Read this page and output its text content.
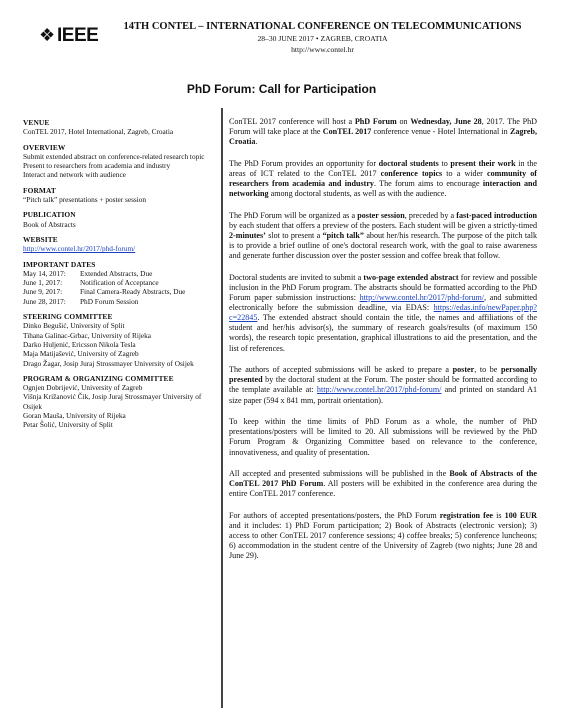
❖ IEEE	14TH CONTEL – INTERNATIONAL CONFERENCE ON TELECOMMUNICATIONS
28–30 JUNE 2017 • ZAGREB, CROATIA
http://www.contel.hr
PhD Forum: Call for Participation
VENUE
ConTEL 2017, Hotel International, Zagreb, Croatia
OVERVIEW
Submit extended abstract on conference-related research topic
Present to researchers from academia and industry
Interact and network with audience
FORMAT
“Pitch talk” presentations + poster session
PUBLICATION
Book of Abstracts
WEBSITE
http://www.contel.hr/2017/phd-forum/
IMPORTANT DATES
May 14, 2017:	Extended Abstracts, Due
June 1, 2017:	Notification of Acceptance
June 9, 2017:	Final Camera-Ready Abstracts, Due
June 28, 2017:	PhD Forum Session
STEERING COMMITTEE
Dinko Begušić, University of Split
Tihana Galinac-Grbac, University of Rijeka
Darko Huljenić, Ericsson Nikola Tesla
Maja Matijašević, University of Zagreb
Drago Žagar, Josip Juraj Strossmayer University of Osijek
PROGRAM & ORGANIZING COMMITTEE
Ognjen Dobrijević, University of Zagreb
Višnja Križanović Čik, Josip Juraj Strossmayer University of Osijek
Goran Mauša, University of Rijeka
Petar Šolić, University of Split

ConTEL 2017 conference will host a PhD Forum on Wednesday, June 28, 2017. The PhD Forum will take place at the ConTEL 2017 conference venue - Hotel International in Zagreb, Croatia.

The PhD Forum provides an opportunity for doctoral students to present their work in the areas of ICT related to the ConTEL 2017 conference topics to a wider community of researchers from academia and industry. The forum aims to encourage interaction and networking among doctoral students, as well as with the audience.

The PhD Forum will be organized as a poster session, preceded by a fast-paced introduction by each student that offers a preview of the posters. Each student will be given a strictly-timed 2-minutes’ slot to present a “pitch talk” about her/his research. The purpose of the pitch talk is to provide a brief outline of one's doctoral research work, with the goal to raise awareness and generate further discussion over the poster session and coffee break that follow.

Doctoral students are invited to submit a two-page extended abstract for review and possible inclusion in the PhD Forum program. The abstracts should be formatted according to the PhD Forum paper submission instructions: http://www.contel.hr/2017/phd-forum/, and submitted electronically before the submission deadline, via EDAS: https://edas.info/newPaper.php?c=22845. The extended abstract should contain the title, the names and affiliations of the student and her/his advisor(s), the summary of research goals/results (of maximum 150 words), the research topic presentation, graphical illustrations to aid the presentation, and the list of references.

The authors of accepted submissions will be asked to prepare a poster, to be personally presented by the doctoral student at the Forum. The poster should be formatted according to the template available at: http://www.contel.hr/2017/phd-forum/ and printed on standard A1 size paper (594 x 841 mm, portrait orientation).

To keep within the time limits of PhD Forum as a whole, the number of PhD presentations/posters will be limited to 20. All submissions will be reviewed by the PhD Forum Program & Organizing Committee based on relevance to the conference, innovativeness, and quality of presentation.

All accepted and presented submissions will be published in the Book of Abstracts of the ConTEL 2017 PhD Forum. All posters will be exhibited in the conference area during the entire ConTEL 2017 conference.

For authors of accepted presentations/posters, the PhD Forum registration fee is 100 EUR and it includes: 1) PhD Forum participation; 2) Book of Abstracts (electronic version); 3) access to other ConTEL 2017 conference sessions; 4) coffee breaks; 5) conference luncheons; 6) accommodation in the student centre of the University of Zagreb (two nights; June 28 and June 29).
